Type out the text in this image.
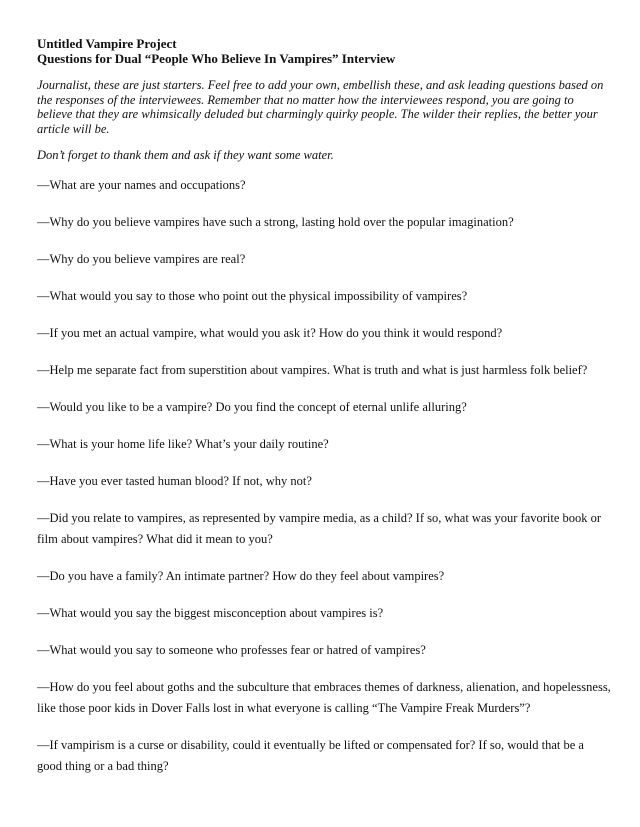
Untitled Vampire Project

Questions for Dual “People Who Believe In Vampires” Interview

Journalist, these are just starters. Feel free to add your own, embellish these, and ask leading questions based on the responses of the interviewees. Remember that no matter how the interviewees respond, you are going to believe that they are whimsically deluded but charmingly quirky people. The wilder their replies, the better your article will be.

Don’t forget to thank them and ask if they want some water.

—What are your names and occupations?
—Why do you believe vampires have such a strong, lasting hold over the popular imagination?
—Why do you believe vampires are real?
—What would you say to those who point out the physical impossibility of vampires?
—If you met an actual vampire, what would you ask it? How do you think it would respond?
—Help me separate fact from superstition about vampires. What is truth and what is just harmless folk belief?
—Would you like to be a vampire? Do you find the concept of eternal unlife alluring?
—What is your home life like? What’s your daily routine?
—Have you ever tasted human blood? If not, why not?
—Did you relate to vampires, as represented by vampire media, as a child? If so, what was your favorite book or film about vampires? What did it mean to you?
—Do you have a family? An intimate partner? How do they feel about vampires?
—What would you say the biggest misconception about vampires is?
—What would you say to someone who professes fear or hatred of vampires?
—How do you feel about goths and the subculture that embraces themes of darkness, alienation, and hopelessness, like those poor kids in Dover Falls lost in what everyone is calling “The Vampire Freak Murders”?
—If vampirism is a curse or disability, could it eventually be lifted or compensated for? If so, would that be a good thing or a bad thing?
